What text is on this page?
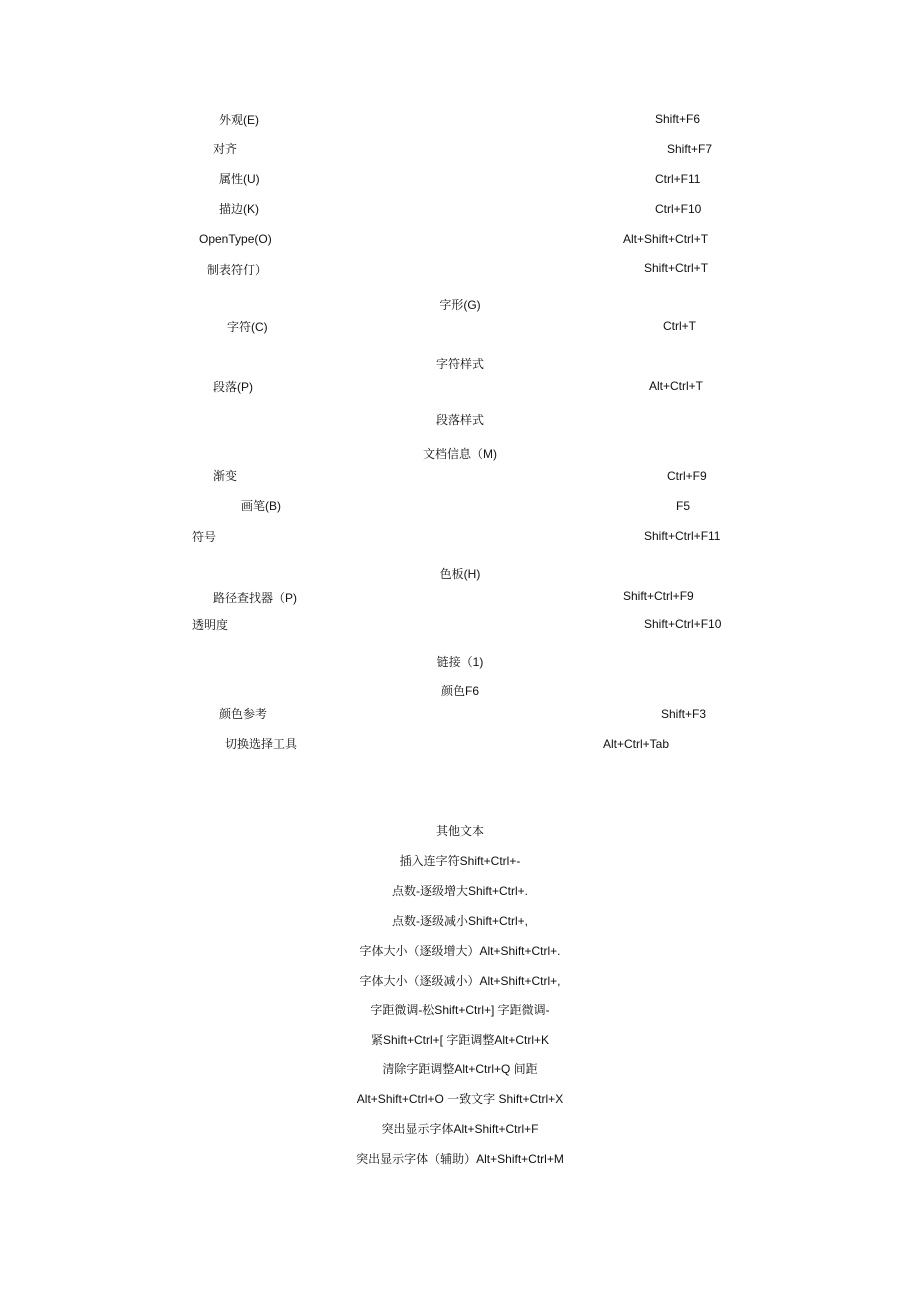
外观(E)	Shift+F6
对齐	Shift+F7
属性(U)	Ctrl+F11
描边(K)	Ctrl+F10
OpenType(O)	Alt+Shift+Ctrl+T
制表符仃）	Shift+Ctrl+T
字形(G)
字符(C)	Ctrl+T
字符样式
段落(P)	Alt+Ctrl+T
段落样式
文档信息（M)
渐变	Ctrl+F9
画笔(B)	F5
符号	Shift+Ctrl+F11
色板(H)
路径查找器（P)	Shift+Ctrl+F9
透明度	Shift+Ctrl+F10
链接（1)
颜色F6
颜色参考	Shift+F3
切换选择工具	Alt+Ctrl+Tab
其他文本
插入连字符Shift+Ctrl+-
点数-逐级增大Shift+Ctrl+.
点数-逐级减小Shift+Ctrl+,
字体大小（逐级增大）Alt+Shift+Ctrl+.
字体大小（逐级减小）Alt+Shift+Ctrl+,
字距微调-松Shift+Ctrl+] 字距微调-
紧Shift+Ctrl+[ 字距调整Alt+Ctrl+K
清除字距调整Alt+Ctrl+Q 间距
Alt+Shift+Ctrl+O 一致文字 Shift+Ctrl+X
突出显示字体Alt+Shift+Ctrl+F
突出显示字体（辅助）Alt+Shift+Ctrl+M
